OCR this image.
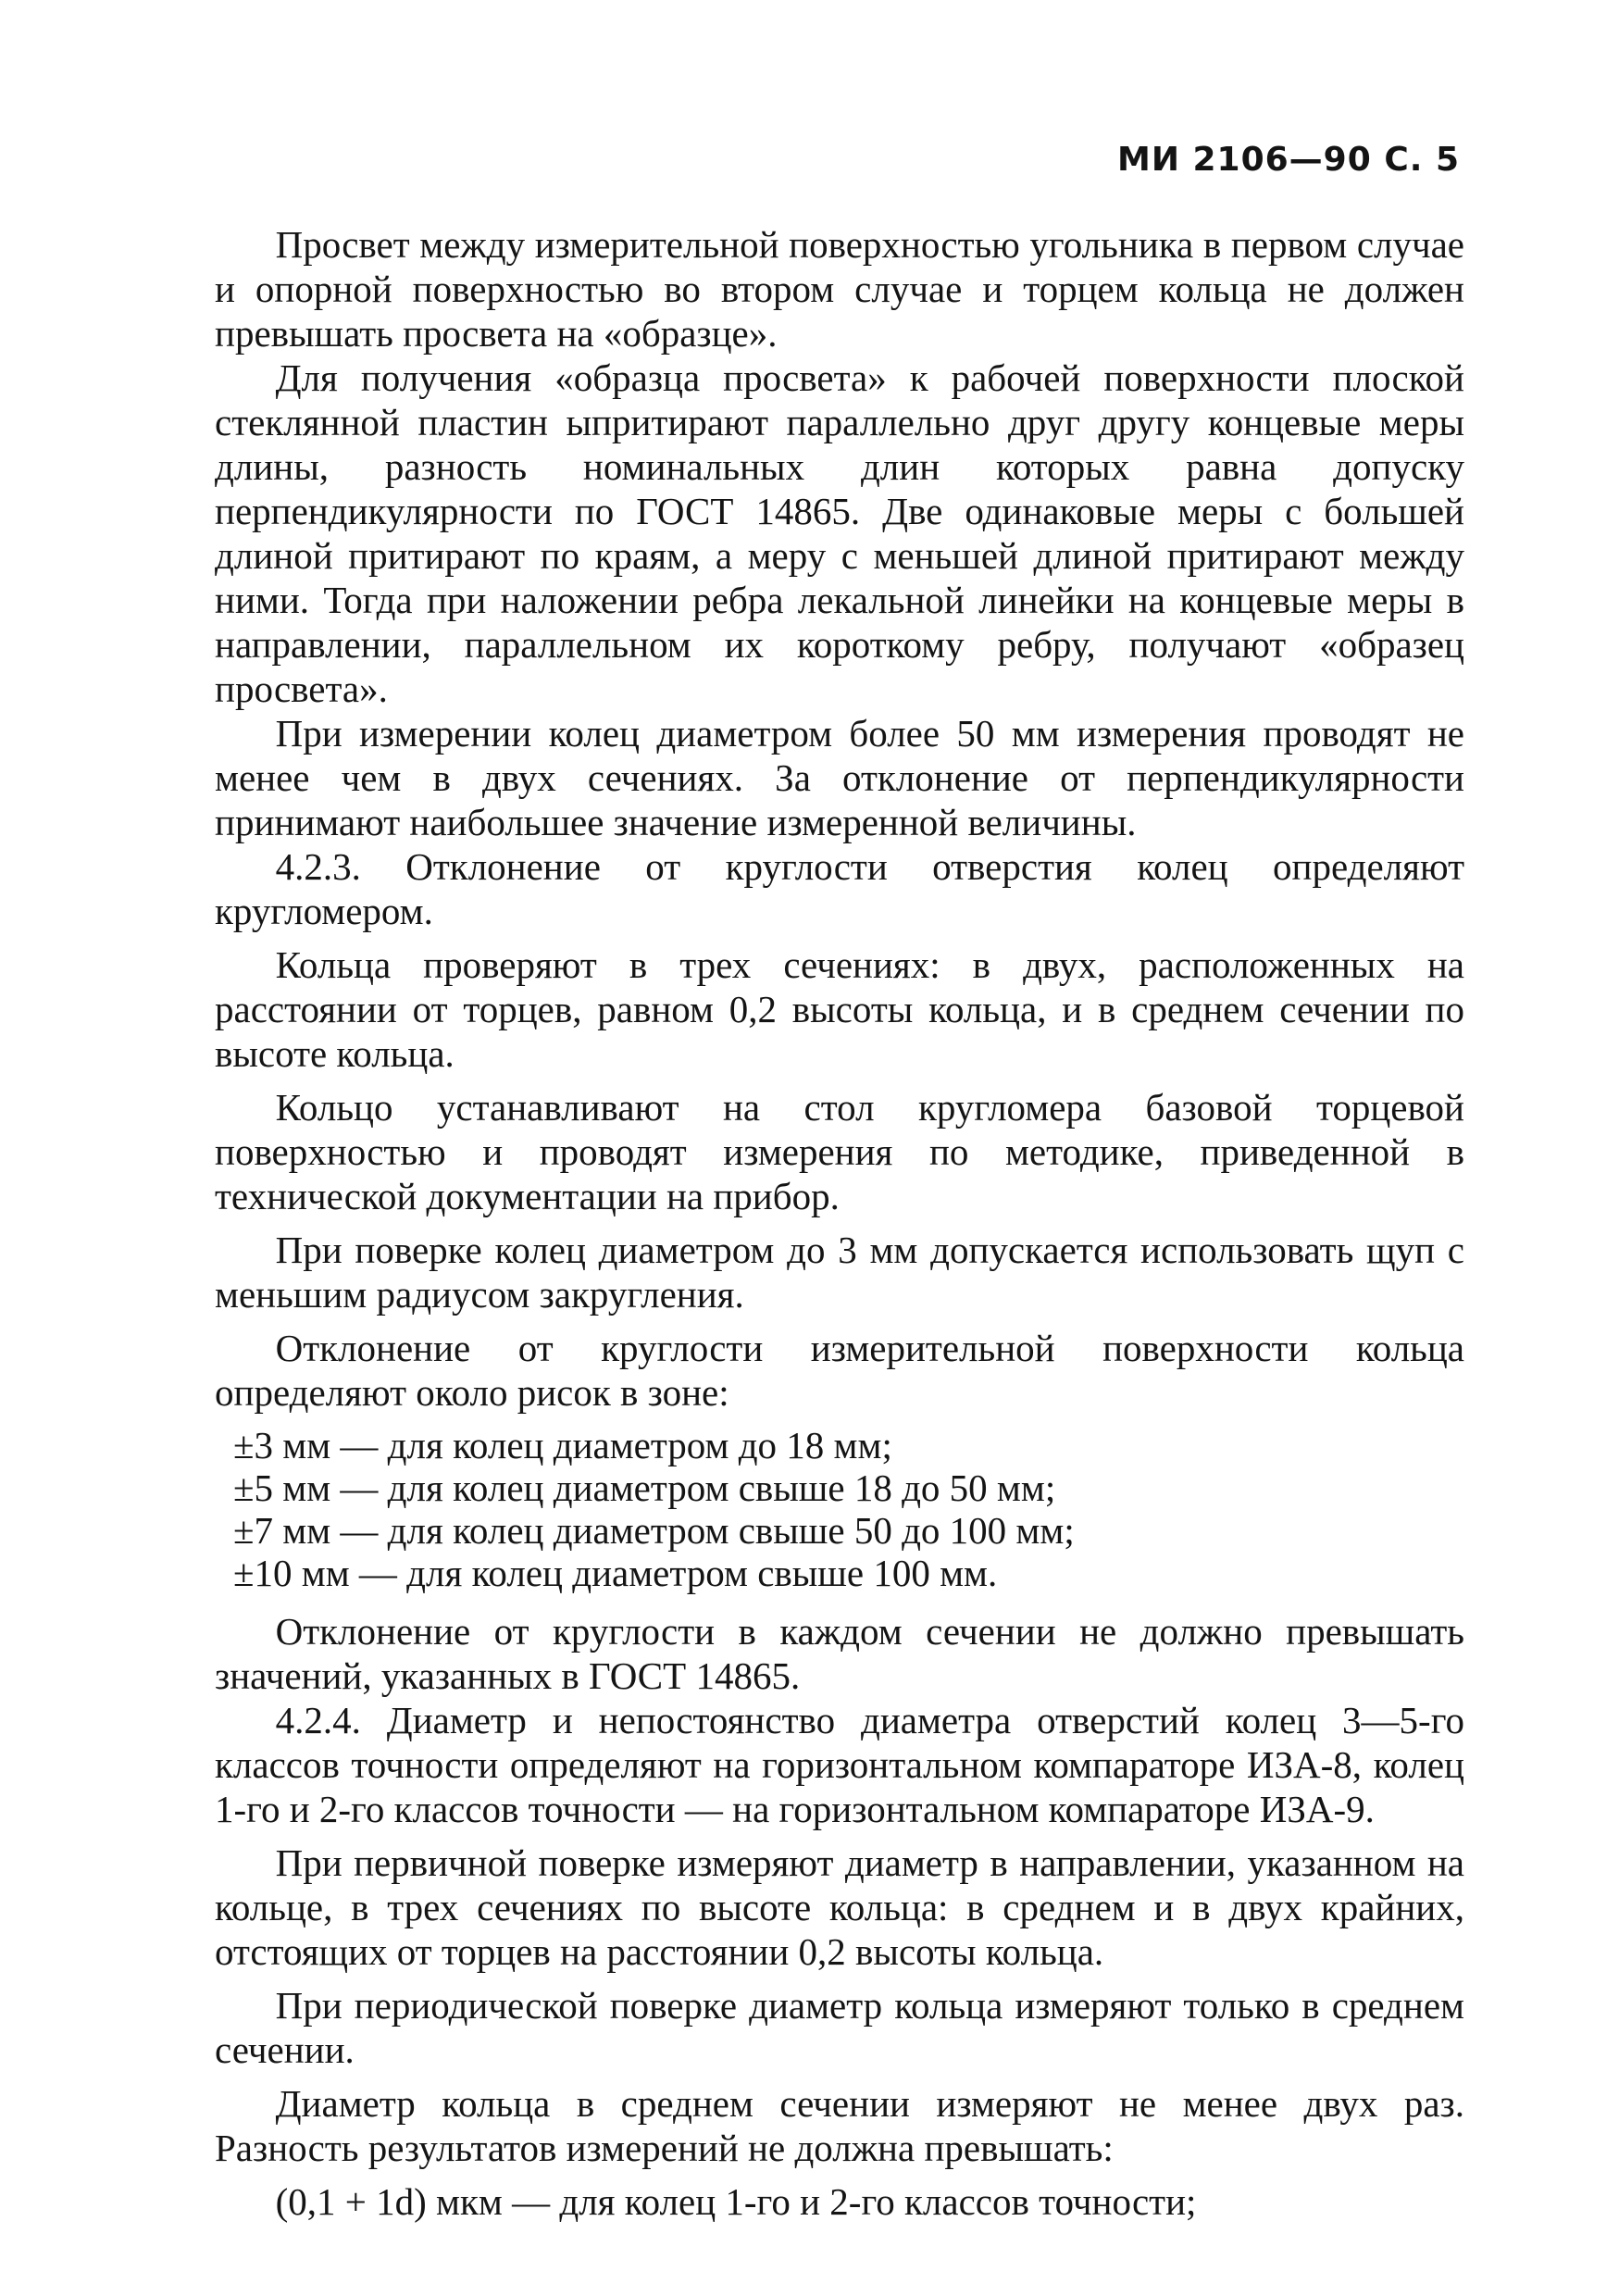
МИ 2106—90 С. 5

Просвет между измерительной поверхностью угольника в первом случае и опорной поверхностью во втором случае и торцем кольца не должен превышать просвета на «образце».

Для получения «образца просвета» к рабочей поверхности плоской стеклянной пластин ыпритирают параллельно друг другу концевые меры длины, разность номинальных длин которых равна допуску перпендикулярности по ГОСТ 14865. Две одинаковые меры с большей длиной притирают по краям, а меру с меньшей длиной притирают между ними. Тогда при наложении ребра лекальной линейки на концевые меры в направлении, параллельном их короткому ребру, получают «образец просвета».

При измерении колец диаметром более 50 мм измерения проводят не менее чем в двух сечениях. За отклонение от перпендикулярности принимают наибольшее значение измеренной величины.

4.2.3. Отклонение от круглости отверстия колец определяют кругломером.

Кольца проверяют в трех сечениях: в двух, расположенных на расстоянии от торцев, равном 0,2 высоты кольца, и в среднем сечении по высоте кольца.

Кольцо устанавливают на стол кругломера базовой торцевой поверхностью и проводят измерения по методике, приведенной в технической документации на прибор.

При поверке колец диаметром до 3 мм допускается использовать щуп с меньшим радиусом закругления.

Отклонение от круглости измерительной поверхности кольца определяют около рисок в зоне:

±3 мм — для колец диаметром до 18 мм;
±5 мм — для колец диаметром свыше 18 до 50 мм;
±7 мм — для колец диаметром свыше 50 до 100 мм;
±10 мм — для колец диаметром свыше 100 мм.

Отклонение от круглости в каждом сечении не должно превышать значений, указанных в ГОСТ 14865.

4.2.4. Диаметр и непостоянство диаметра отверстий колец 3—5-го классов точности определяют на горизонтальном компараторе ИЗА-8, колец 1-го и 2-го классов точности — на горизонтальном компараторе ИЗА-9.

При первичной поверке измеряют диаметр в направлении, указанном на кольце, в трех сечениях по высоте кольца: в среднем и в двух крайних, отстоящих от торцев на расстоянии 0,2 высоты кольца.

При периодической поверке диаметр кольца измеряют только в среднем сечении.

Диаметр кольца в среднем сечении измеряют не менее двух раз. Разность результатов измерений не должна превышать:

(0,1 + 1d) мкм — для колец 1-го и 2-го классов точности;
